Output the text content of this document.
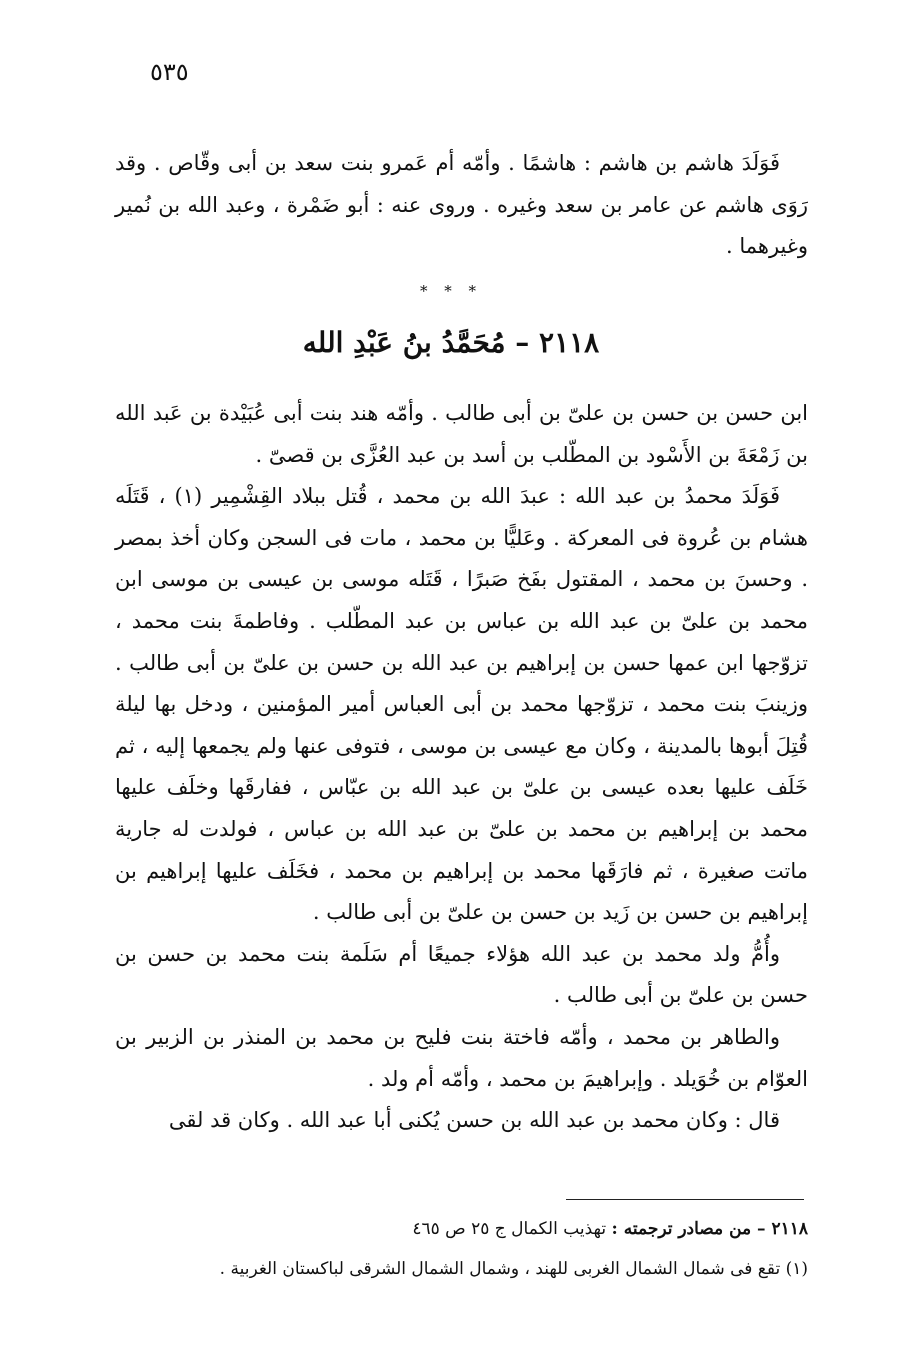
٥٣٥

فَوَلَدَ هاشم بن هاشم : هاشمًا . وأمّه أم عَمرو بنت سعد بن أبى وقّاص . وقد رَوَى هاشم عن عامر بن سعد وغيره . وروى عنه : أبو ضَمْرة ، وعبد الله بن نُمير وغيرهما .

* * *
٢١١٨ – مُحَمَّدُ بنُ عَبْدِ الله

ابن حسن بن حسن بن علىّ بن أبى طالب . وأمّه هند بنت أبى عُبَيْدة بن عَبد الله بن زَمْعَةَ بن الأَسْود بن المطّلب بن أسد بن عبد العُزَّى بن قصىّ .

فَوَلَدَ محمدُ بن عبد الله : عبدَ الله بن محمد ، قُتل ببلاد القِشْمِير (١) ، قَتَلَه هشام بن عُروة فى المعركة . وعَليًّا بن محمد ، مات فى السجن وكان أخذ بمصر . وحسنَ بن محمد ، المقتول بفَخ صَبرًا ، قَتَله موسى بن عيسى بن موسى ابن محمد بن علىّ بن عبد الله بن عباس بن عبد المطّلب . وفاطمةَ بنت محمد ، تزوّجها ابن عمها حسن بن إبراهيم بن عبد الله بن حسن بن علىّ بن أبى طالب . وزينبَ بنت محمد ، تزوّجها محمد بن أبى العباس أمير المؤمنين ، ودخل بها ليلة قُتِلَ أبوها بالمدينة ، وكان مع عيسى بن موسى ، فتوفى عنها ولم يجمعها إليه ، ثم خَلَف عليها بعده عيسى بن علىّ بن عبد الله بن عبّاس ، ففارقَها وخلَف عليها محمد بن إبراهيم بن محمد بن علىّ بن عبد الله بن عباس ، فولدت له جارية ماتت صغيرة ، ثم فارَقَها محمد بن إبراهيم بن محمد ، فخَلَف عليها إبراهيم بن إبراهيم بن حسن بن زَيد بن حسن بن علىّ بن أبى طالب .

وأُمُّ ولد محمد بن عبد الله هؤلاء جميعًا أم سَلَمة بنت محمد بن حسن بن حسن بن علىّ بن أبى طالب .

والطاهر بن محمد ، وأمّه فاختة بنت فليح بن محمد بن المنذر بن الزبير بن العوّام بن خُوَيلد . وإبراهيمَ بن محمد ، وأمّه أم ولد .

قال : وكان محمد بن عبد الله بن حسن يُكنى أبا عبد الله . وكان قد لقى

٢١١٨ – من مصادر ترجمته : تهذيب الكمال ج ٢٥ ص ٤٦٥

(١) تقع فى شمال الشمال الغربى للهند ، وشمال الشمال الشرقى لباكستان الغربية .
